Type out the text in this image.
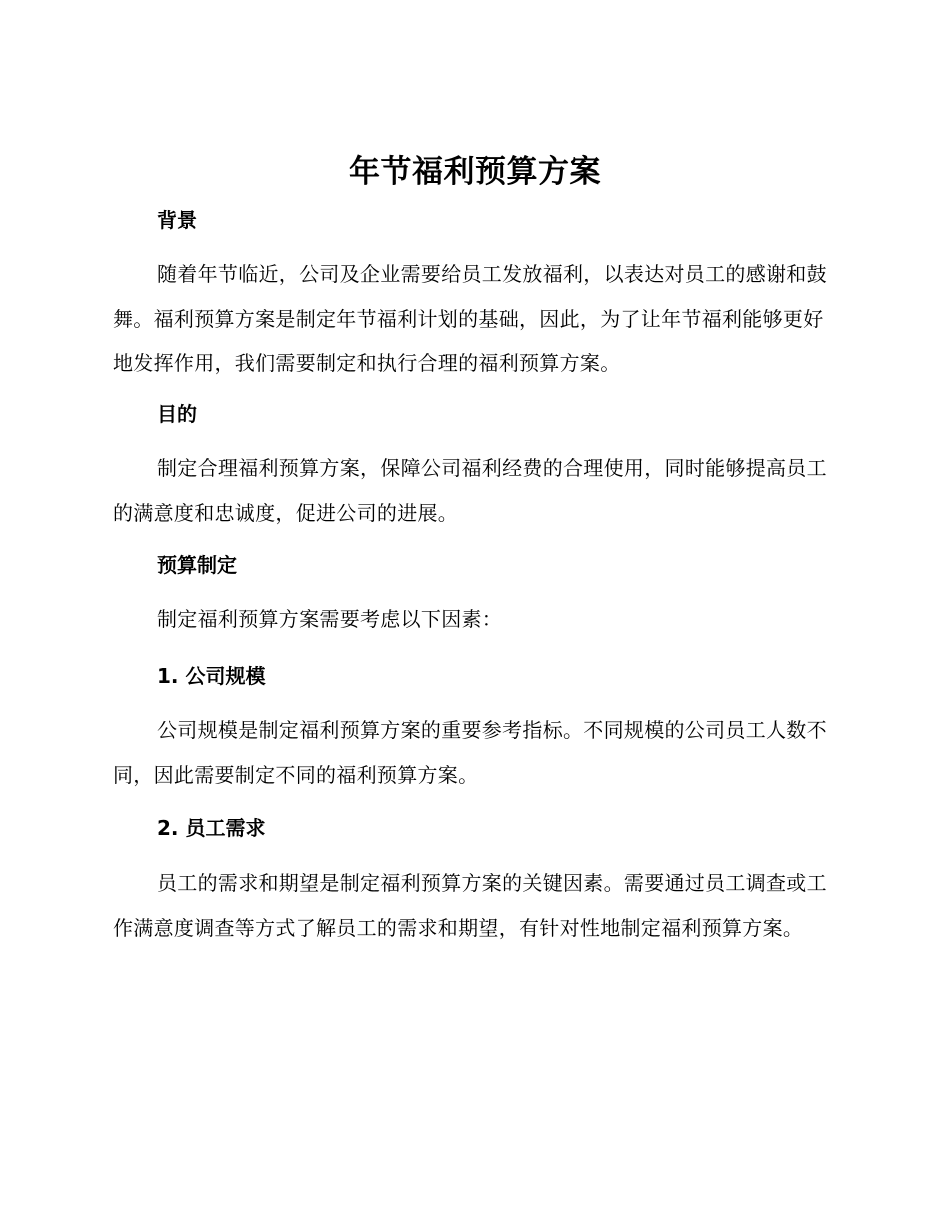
年节福利预算方案
背景

随着年节临近，公司及企业需要给员工发放福利，以表达对员工的感谢和鼓舞。福利预算方案是制定年节福利计划的基础，因此，为了让年节福利能够更好地发挥作用，我们需要制定和执行合理的福利预算方案。

目的

制定合理福利预算方案，保障公司福利经费的合理使用，同时能够提高员工的满意度和忠诚度，促进公司的进展。

预算制定

制定福利预算方案需要考虑以下因素：

1. 公司规模

公司规模是制定福利预算方案的重要参考指标。不同规模的公司员工人数不同，因此需要制定不同的福利预算方案。

2. 员工需求

员工的需求和期望是制定福利预算方案的关键因素。需要通过员工调查或工作满意度调查等方式了解员工的需求和期望，有针对性地制定福利预算方案。
